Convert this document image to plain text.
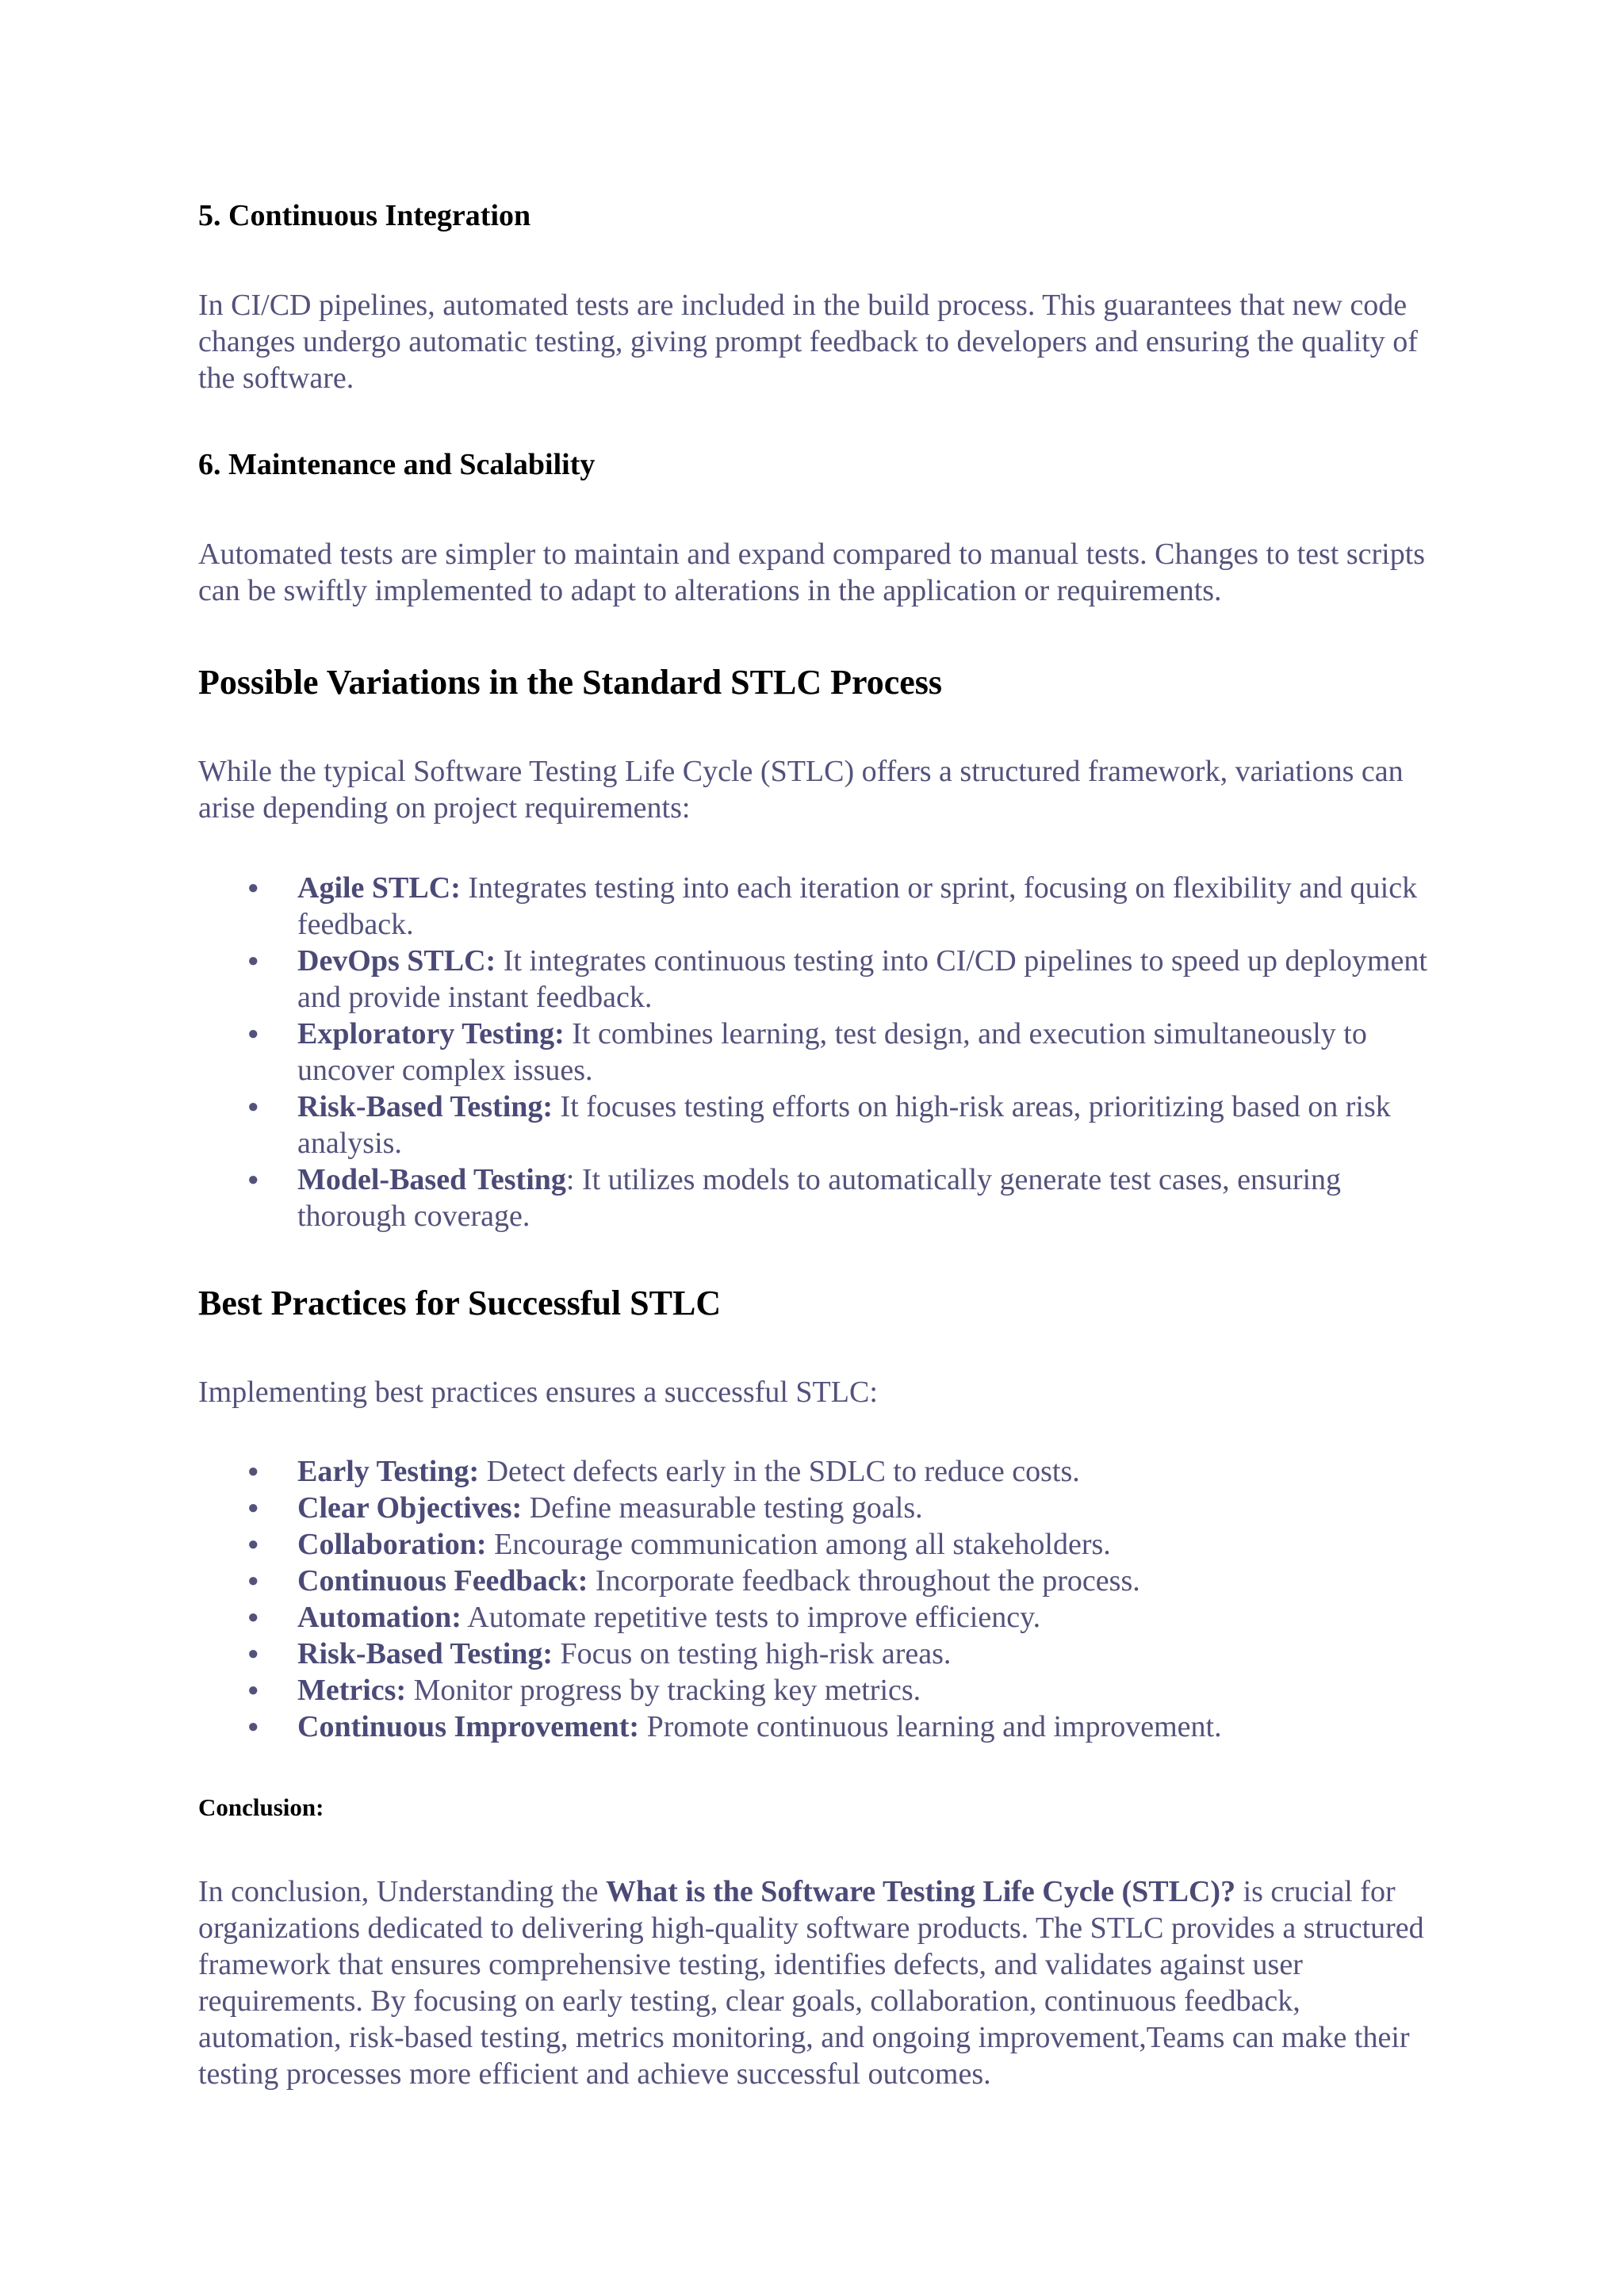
5. Continuous Integration

In CI/CD pipelines, automated tests are included in the build process. This guarantees that new code changes undergo automatic testing, giving prompt feedback to developers and ensuring the quality of the software.

6. Maintenance and Scalability

Automated tests are simpler to maintain and expand compared to manual tests. Changes to test scripts can be swiftly implemented to adapt to alterations in the application or requirements.

Possible Variations in the Standard STLC Process

While the typical Software Testing Life Cycle (STLC) offers a structured framework, variations can arise depending on project requirements:

● Agile STLC: Integrates testing into each iteration or sprint, focusing on flexibility and quick feedback.
● DevOps STLC: It integrates continuous testing into CI/CD pipelines to speed up deployment and provide instant feedback.
● Exploratory Testing: It combines learning, test design, and execution simultaneously to uncover complex issues.
● Risk-Based Testing: It focuses testing efforts on high-risk areas, prioritizing based on risk analysis.
● Model-Based Testing: It utilizes models to automatically generate test cases, ensuring thorough coverage.
Best Practices for Successful STLC

Implementing best practices ensures a successful STLC:

● Early Testing: Detect defects early in the SDLC to reduce costs.
● Clear Objectives: Define measurable testing goals.
● Collaboration: Encourage communication among all stakeholders.
● Continuous Feedback: Incorporate feedback throughout the process.
● Automation: Automate repetitive tests to improve efficiency.
● Risk-Based Testing: Focus on testing high-risk areas.
● Metrics: Monitor progress by tracking key metrics.
● Continuous Improvement: Promote continuous learning and improvement.
Conclusion:

In conclusion, Understanding the What is the Software Testing Life Cycle (STLC)? is crucial for organizations dedicated to delivering high-quality software products. The STLC provides a structured framework that ensures comprehensive testing, identifies defects, and validates against user requirements. By focusing on early testing, clear goals, collaboration, continuous feedback, automation, risk-based testing, metrics monitoring, and ongoing improvement,Teams can make their testing processes more efficient and achieve successful outcomes.
